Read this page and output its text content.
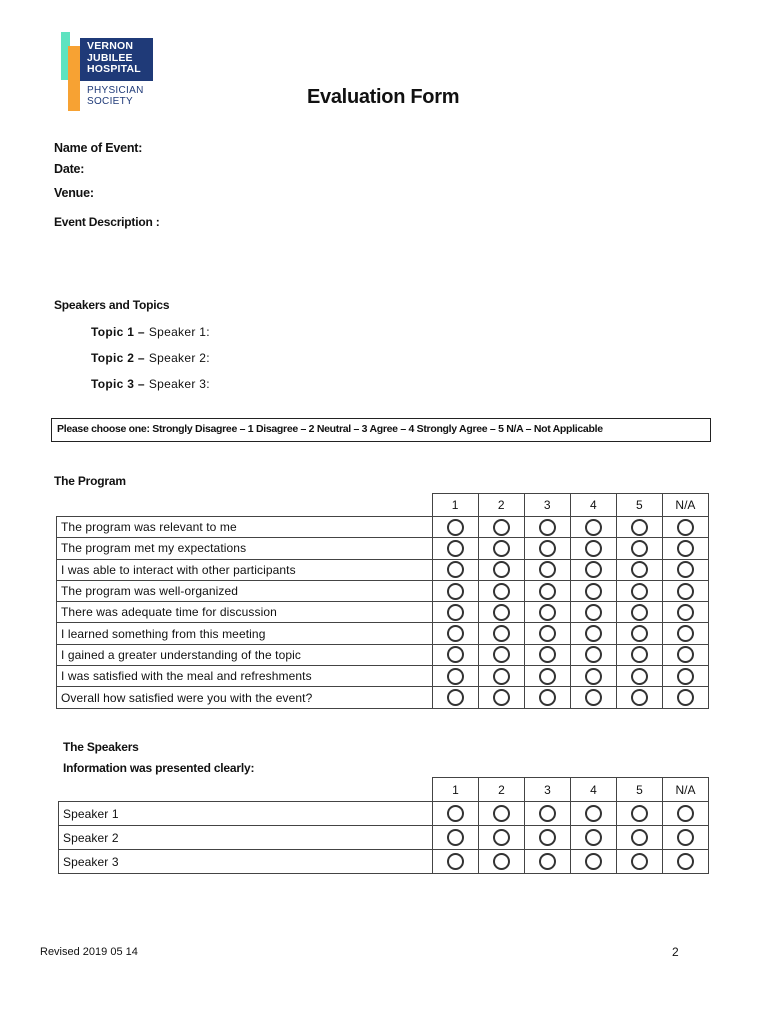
VERNON
JUBILEE
HOSPITAL
PHYSICIAN
SOCIETY	Evaluation Form
Name of Event:
Date:
Venue:
Event Description :
Speakers and Topics
Topic 1 – Speaker 1:
Topic 2 – Speaker 2:
Topic 3 – Speaker 3:
Please choose one: Strongly Disagree – 1 Disagree – 2 Neutral – 3 Agree – 4 Strongly Agree – 5 N/A – Not Applicable
The Program
	1	2	3	4	5	N/A
The program was relevant to me						
The program met my expectations						
I was able to interact with other participants						
The program was well-organized						
There was adequate time for discussion						
I learned something from this meeting						
I gained a greater understanding of the topic						
I was satisfied with the meal and refreshments						
Overall how satisfied were you with the event?						
The Speakers
Information was presented clearly:
	1	2	3	4	5	N/A
Speaker 1						
Speaker 2						
Speaker 3						
Revised 2019 05 14	2
